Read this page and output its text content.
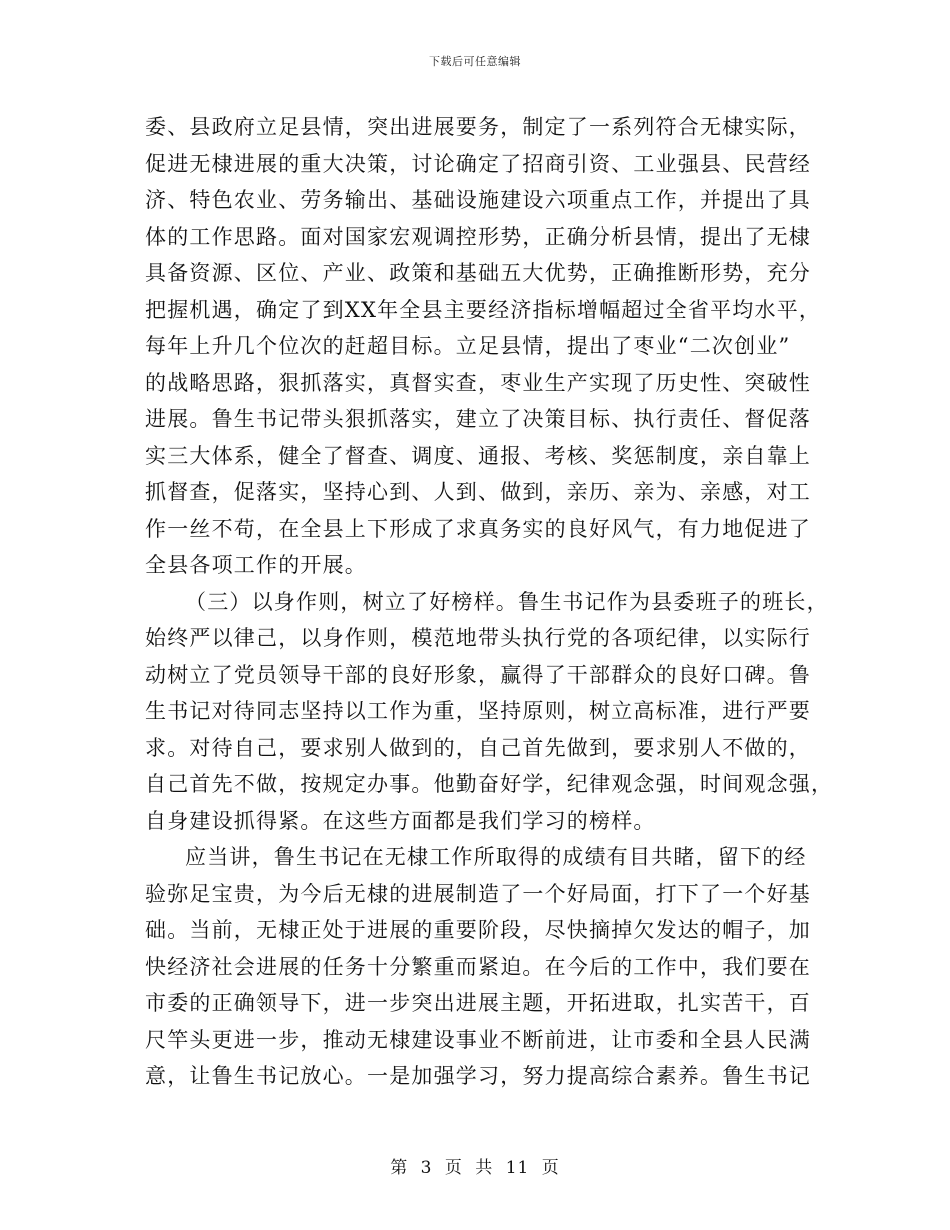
下载后可任意编辑

委、县政府立足县情，突出进展要务，制定了一系列符合无棣实际，
促进无棣进展的重大决策，讨论确定了招商引资、工业强县、民营经
济、特色农业、劳务输出、基础设施建设六项重点工作，并提出了具
体的工作思路。面对国家宏观调控形势，正确分析县情，提出了无棣
具备资源、区位、产业、政策和基础五大优势，正确推断形势，充分
把握机遇，确定了到XX年全县主要经济指标增幅超过全省平均水平，
每年上升几个位次的赶超目标。立足县情，提出了枣业“二次创业”
的战略思路，狠抓落实，真督实查，枣业生产实现了历史性、突破性
进展。鲁生书记带头狠抓落实，建立了决策目标、执行责任、督促落
实三大体系，健全了督查、调度、通报、考核、奖惩制度，亲自靠上
抓督查，促落实，坚持心到、人到、做到，亲历、亲为、亲感，对工
作一丝不苟，在全县上下形成了求真务实的良好风气，有力地促进了
全县各项工作的开展。

（三）以身作则，树立了好榜样。鲁生书记作为县委班子的班长，
始终严以律己，以身作则，模范地带头执行党的各项纪律，以实际行
动树立了党员领导干部的良好形象，赢得了干部群众的良好口碑。鲁
生书记对待同志坚持以工作为重，坚持原则，树立高标准，进行严要
求。对待自己，要求别人做到的，自己首先做到，要求别人不做的，
自己首先不做，按规定办事。他勤奋好学，纪律观念强，时间观念强，
自身建设抓得紧。在这些方面都是我们学习的榜样。

应当讲，鲁生书记在无棣工作所取得的成绩有目共睹，留下的经
验弥足宝贵，为今后无棣的进展制造了一个好局面，打下了一个好基
础。当前，无棣正处于进展的重要阶段，尽快摘掉欠发达的帽子，加
快经济社会进展的任务十分繁重而紧迫。在今后的工作中，我们要在
市委的正确领导下，进一步突出进展主题，开拓进取，扎实苦干，百
尺竿头更进一步，推动无棣建设事业不断前进，让市委和全县人民满
意，让鲁生书记放心。一是加强学习，努力提高综合素养。鲁生书记

第 3 页 共 11 页
